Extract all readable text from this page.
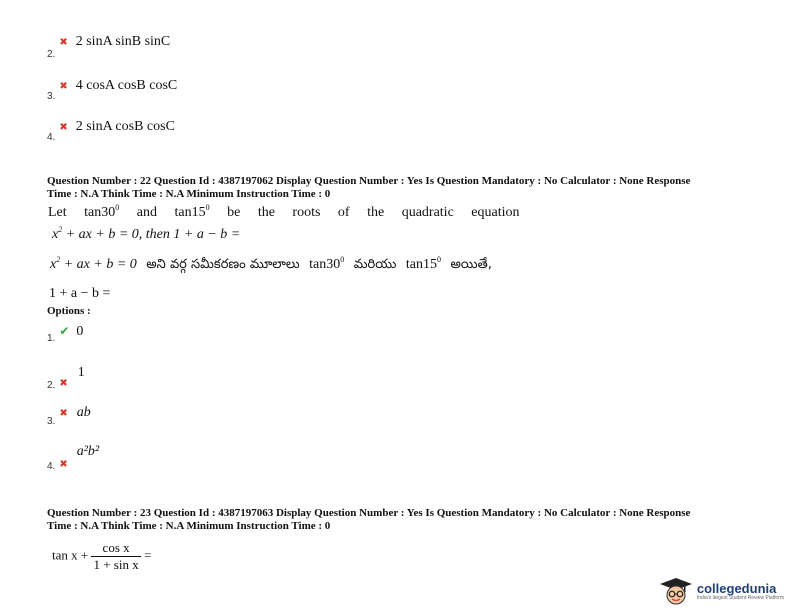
$_{2.}$ ✖ 2 sinA sinB sinC
$_{3.}$ ✖ 4 cosA cosB cosC
$_{4.}$ ✖ 2 sinA cosB cosC
Question Number : 22 Question Id : 4387197062 Display Question Number : Yes Is Question Mandatory : No Calculator : None Response
Time : N.A Think Time : N.A Minimum Instruction Time : 0
Let $\tan 30^0$ and $\tan 15^0$ be the roots of the quadratic equation
$x^2$ + ax + b = 0, then 1 + a − b =
$x^2$ + ax + b = 0 అని వర్గ సమీకరణం మూలాలు $\tan 30^0$ మరియు $\tan 15^0$ అయితే,
1 + a − b =
Options :
$_{1.}$ ✔ 0
$_{2.}$ $_✖$ 1
$_{3.}$ ✖ ab
$_{4.}$ $_✖$ a²b²
Question Number : 23 Question Id : 4387197063 Display Question Number : Yes Is Question Mandatory : No Calculator : None Response
Time : N.A Think Time : N.A Minimum Instruction Time : 0
$\tan x + \frac{\text{cos x}}{\text{1 + sin x}}$ =
collegedunia
India's largest Student Review Platform
